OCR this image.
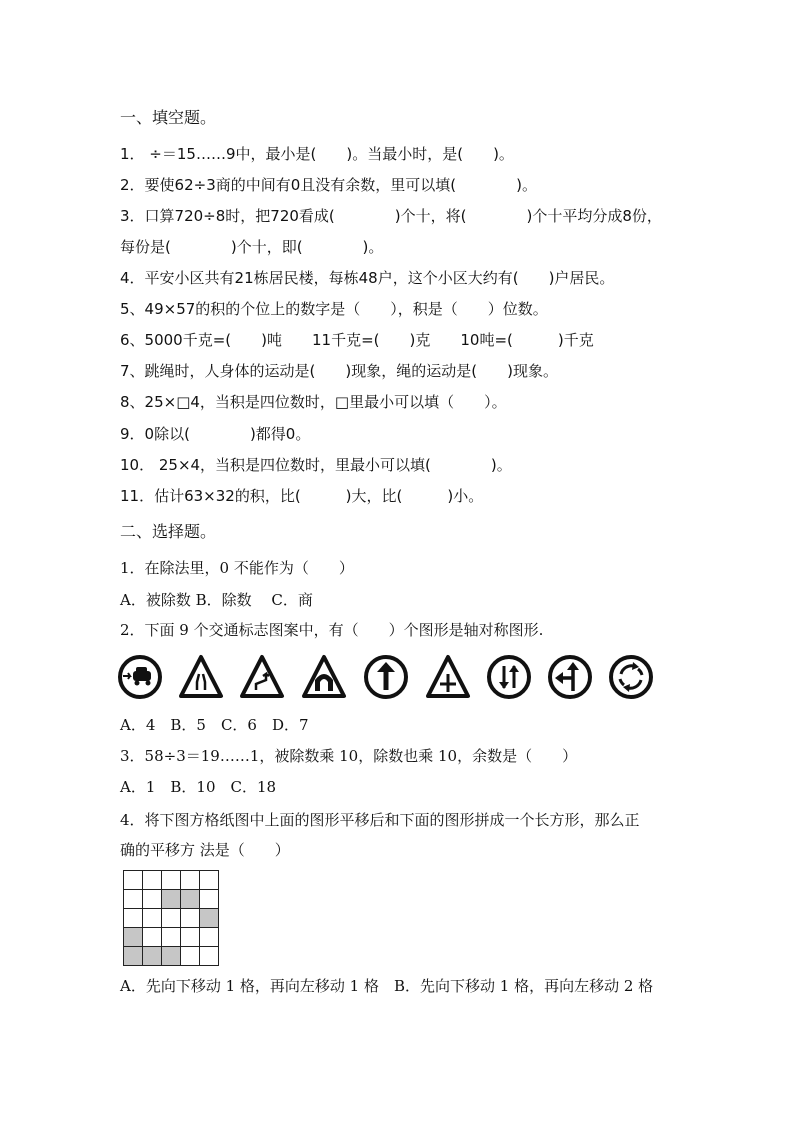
一、填空题。
1． ÷＝15……9中，最小是(　　)。当最小时，是(　　)。
2．要使62÷3商的中间有0且没有余数，里可以填(　　　　)。
3．口算720÷8时，把720看成(　　　　)个十，将(　　　　)个十平均分成8份，
每份是(　　　　)个十，即(　　　　)。
4．平安小区共有21栋居民楼，每栋48户，这个小区大约有(　　)户居民。
5、49×57的积的个位上的数字是（　　），积是（　　）位数。
6、5000千克=(　　)吨　　11千克=(　　)克　　10吨=(　　　)千克
7、跳绳时，人身体的运动是(　　)现象，绳的运动是(　　)现象。
8、25×□4，当积是四位数时，□里最小可以填（　　）。
9．0除以(　　　　)都得0。
10． 25×4，当积是四位数时，里最小可以填(　　　　)。
11．估计63×32的积，比(　　　)大，比(　　　)小。
二、选择题。
1．在除法里，0 不能作为（　　）
A．被除数 B．除数　 C．商
2．下面 9 个交通标志图案中，有（　　）个图形是轴对称图形.
A．4　B．5　C．6　D．7
3．58÷3＝19……1，被除数乘 10，除数也乘 10，余数是（　　）
A．1　B．10　C．18
4．将下图方格纸图中上面的图形平移后和下面的图形拼成一个长方形，那么正
确的平移方 法是（　　）

A．先向下移动 1 格，再向左移动 1 格　B．先向下移动 1 格，再向左移动 2 格
